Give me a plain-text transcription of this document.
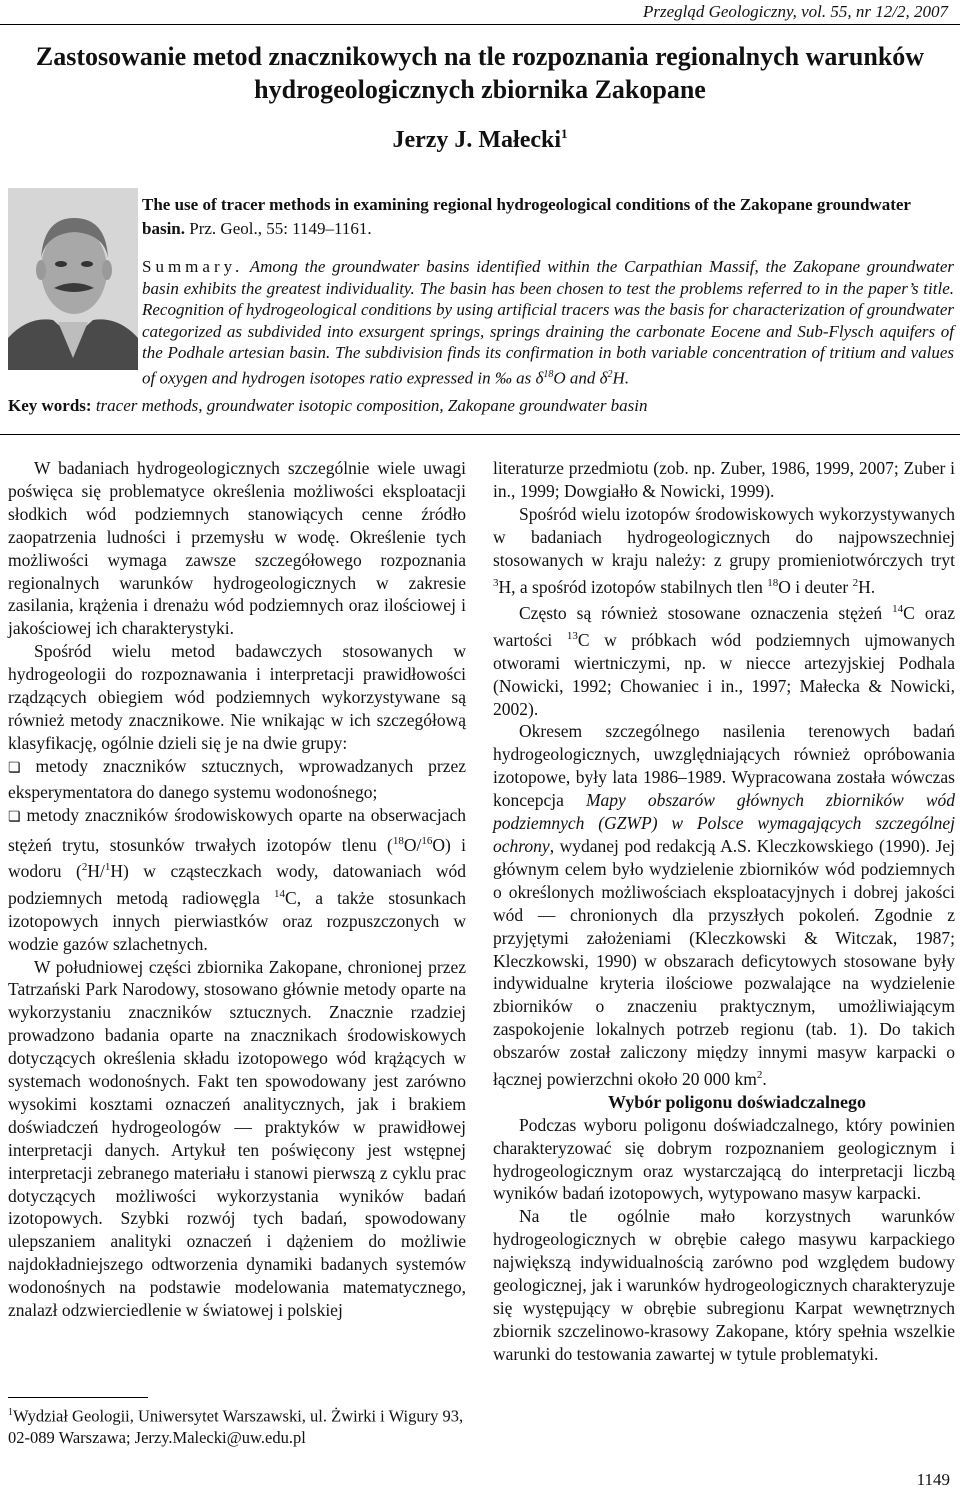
Przegląd Geologiczny, vol. 55, nr 12/2, 2007
Zastosowanie metod znacznikowych na tle rozpoznania regionalnych warunków
hydrogeologicznych zbiornika Zakopane
Jerzy J. Małecki$^1$
The use of tracer methods in examining regional hydrogeological conditions of the Zakopane groundwater basin. Prz. Geol., 55: 1149–1161.
Summary. Among the groundwater basins identified within the Carpathian Massif, the Zakopane groundwater basin exhibits the greatest individuality. The basin has been chosen to test the problems referred to in the paper’s title. Recognition of hydrogeological conditions by using artificial tracers was the basis for characterization of groundwater categorized as subdivided into exsurgent springs, springs draining the carbonate Eocene and Sub-Flysch aquifers of the Podhale artesian basin. The subdivision finds its confirmation in both variable concentration of tritium and values of oxygen and hydrogen isotopes ratio expressed in ‰ as $\delta^{18}O$ and $\delta^2H$.
Key words: tracer methods, groundwater isotopic composition, Zakopane groundwater basin

W badaniach hydrogeologicznych szczególnie wiele uwagi poświęca się problematyce określenia możliwości eksploatacji słodkich wód podziemnych stanowiących cenne źródło zaopatrzenia ludności i przemysłu w wodę. Określenie tych możliwości wymaga zawsze szczegółowego rozpoznania regionalnych warunków hydrogeologicznych w zakresie zasilania, krążenia i drenażu wód podziemnych oraz ilościowej i jakościowej ich charakterystyki.

Spośród wielu metod badawczych stosowanych w hydrogeologii do rozpoznawania i interpretacji prawidłowości rządzących obiegiem wód podziemnych wykorzystywane są również metody znacznikowe. Nie wnikając w ich szczegółową klasyfikację, ogólnie dzieli się je na dwie grupy:

❏ metody znaczników sztucznych, wprowadzanych przez eksperymentatora do danego systemu wodonośnego;

❏ metody znaczników środowiskowych oparte na obserwacjach stężeń trytu, stosunków trwałych izotopów tlenu ($^{18}$O/$^{16}$O) i wodoru ($^2$H/$^1$H) w cząsteczkach wody, datowaniach wód podziemnych metodą radiowęgla $^{14}$C, a także stosunkach izotopowych innych pierwiastków oraz rozpuszczonych w wodzie gazów szlachetnych.

W południowej części zbiornika Zakopane, chronionej przez Tatrzański Park Narodowy, stosowano głównie metody oparte na wykorzystaniu znaczników sztucznych. Znacznie rzadziej prowadzono badania oparte na znacznikach środowiskowych dotyczących określenia składu izotopowego wód krążących w systemach wodonośnych. Fakt ten spowodowany jest zarówno wysokimi kosztami oznaczeń analitycznych, jak i brakiem doświadczeń hydrogeologów — praktyków w prawidłowej interpretacji danych. Artykuł ten poświęcony jest wstępnej interpretacji zebranego materiału i stanowi pierwszą z cyklu prac dotyczących możliwości wykorzystania wyników badań izotopowych. Szybki rozwój tych badań, spowodowany ulepszaniem analityki oznaczeń i dążeniem do możliwie najdokładniejszego odtworzenia dynamiki badanych systemów wodonośnych na podstawie modelowania matematycznego, znalazł odzwierciedlenie w światowej i polskiej

literaturze przedmiotu (zob. np. Zuber, 1986, 1999, 2007; Zuber i in., 1999; Dowgiałło & Nowicki, 1999).

Spośród wielu izotopów środowiskowych wykorzystywanych w badaniach hydrogeologicznych do najpowszechniej stosowanych w kraju należy: z grupy promieniotwórczych tryt $^3$H, a spośród izotopów stabilnych tlen $^{18}$O i deuter $^2$H.

Często są również stosowane oznaczenia stężeń $^{14}$C oraz wartości $^{13}$C w próbkach wód podziemnych ujmowanych otworami wiertniczymi, np. w niecce artezyjskiej Podhala (Nowicki, 1992; Chowaniec i in., 1997; Małecka & Nowicki, 2002).

Okresem szczególnego nasilenia terenowych badań hydrogeologicznych, uwzględniających również opróbowania izotopowe, były lata 1986–1989. Wypracowana została wówczas koncepcja Mapy obszarów głównych zbiorników wód podziemnych (GZWP) w Polsce wymagających szczególnej ochrony, wydanej pod redakcją A.S. Kleczkowskiego (1990). Jej głównym celem było wydzielenie zbiorników wód podziemnych o określonych możliwościach eksploatacyjnych i dobrej jakości wód — chronionych dla przyszłych pokoleń. Zgodnie z przyjętymi założeniami (Kleczkowski & Witczak, 1987; Kleczkowski, 1990) w obszarach deficytowych stosowane były indywidualne kryteria ilościowe pozwalające na wydzielenie zbiorników o znaczeniu praktycznym, umożliwiającym zaspokojenie lokalnych potrzeb regionu (tab. 1). Do takich obszarów został zaliczony między innymi masyw karpacki o łącznej powierzchni około 20 000 $km^2$.

Wybór poligonu doświadczalnego

Podczas wyboru poligonu doświadczalnego, który powinien charakteryzować się dobrym rozpoznaniem geologicznym i hydrogeologicznym oraz wystarczającą do interpretacji liczbą wyników badań izotopowych, wytypowano masyw karpacki.

Na tle ogólnie mało korzystnych warunków hydrogeologicznych w obrębie całego masywu karpackiego największą indywidualnością zarówno pod względem budowy geologicznej, jak i warunków hydrogeologicznych charakteryzuje się występujący w obrębie subregionu Karpat wewnętrznych zbiornik szczelinowo-krasowy Zakopane, który spełnia wszelkie warunki do testowania zawartej w tytule problematyki.

$^1$Wydział Geologii, Uniwersytet Warszawski, ul. Żwirki i Wigury 93, 02-089 Warszawa; Jerzy.Malecki@uw.edu.pl
1149
